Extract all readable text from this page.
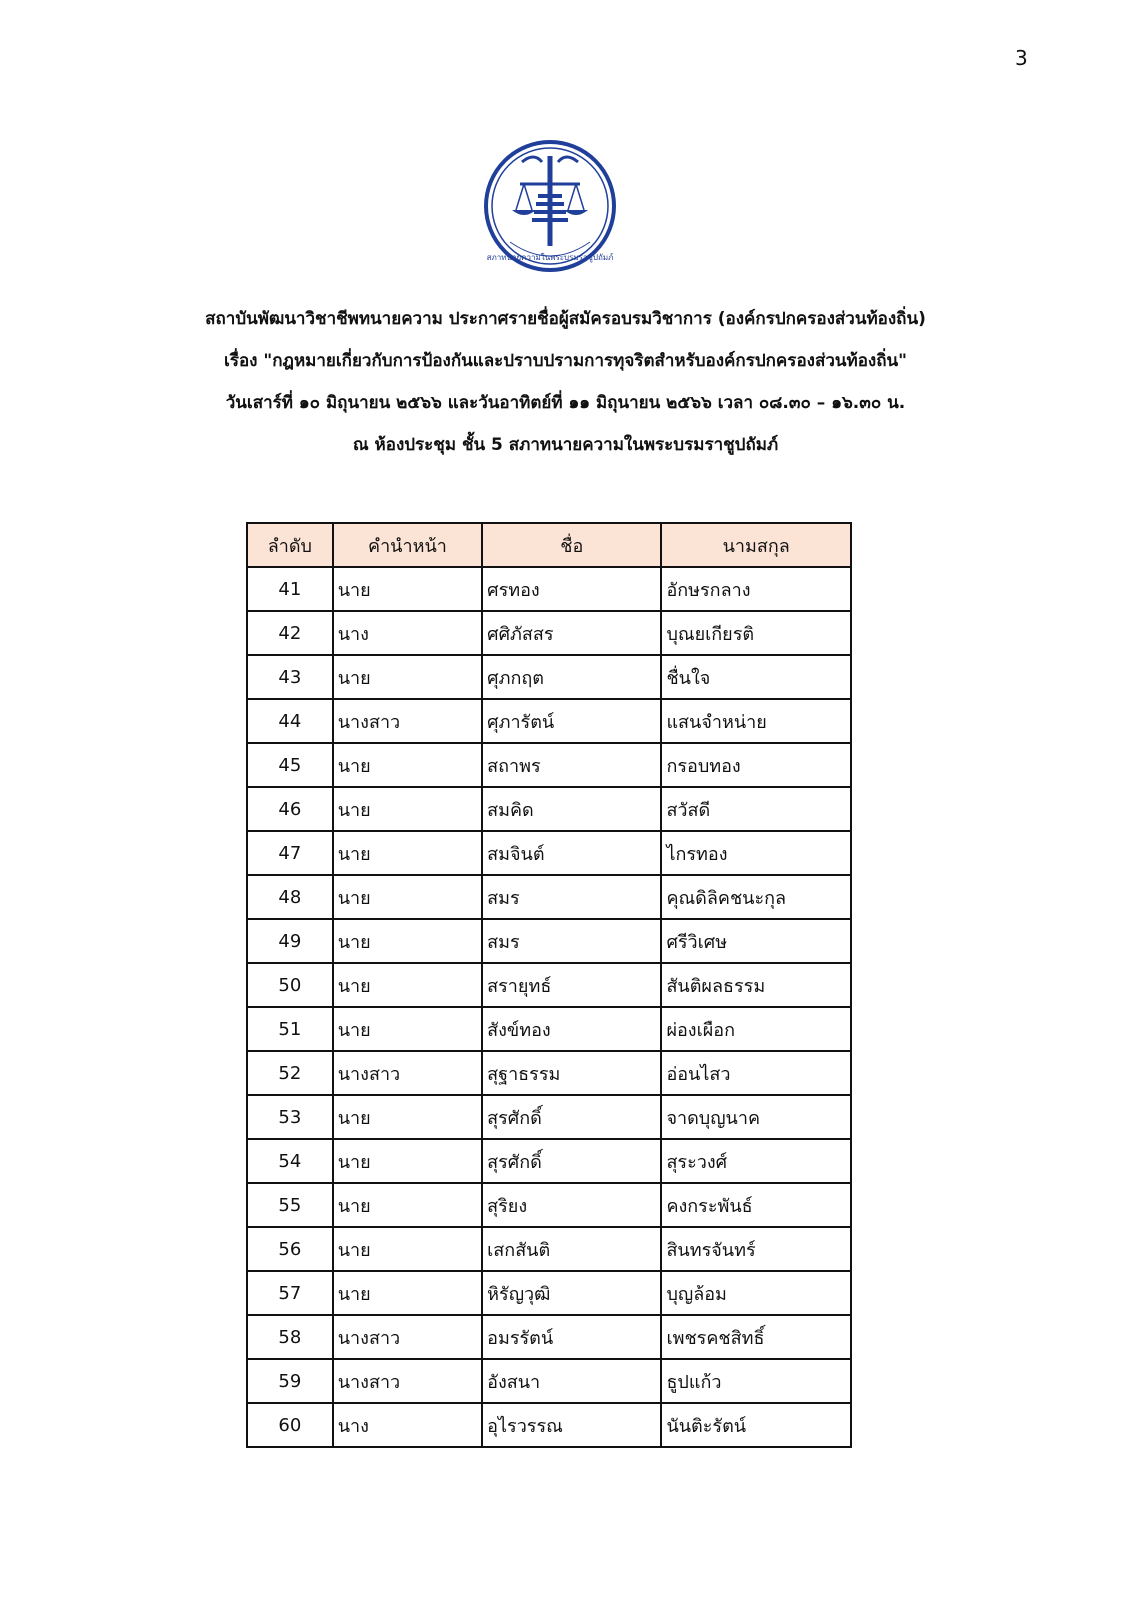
3
สภาทนายความในพระบรมราชูปถัมภ์
สถาบันพัฒนาวิชาชีพทนายความ ประกาศรายชื่อผู้สมัครอบรมวิชาการ (องค์กรปกครองส่วนท้องถิ่น)
เรื่อง "กฎหมายเกี่ยวกับการป้องกันและปราบปรามการทุจริตสำหรับองค์กรปกครองส่วนท้องถิ่น"
วันเสาร์ที่ ๑๐ มิถุนายน ๒๕๖๖ และวันอาทิตย์ที่ ๑๑ มิถุนายน ๒๕๖๖ เวลา ๐๘.๓๐ – ๑๖.๓๐ น.
ณ ห้องประชุม ชั้น 5 สภาทนายความในพระบรมราชูปถัมภ์
ลำดับ	คำนำหน้า	ชื่อ	นามสกุล
41	นาย	ศรทอง	อักษรกลาง
42	นาง	ศศิภัสสร	บุณยเกียรติ
43	นาย	ศุภกฤต	ชื่นใจ
44	นางสาว	ศุภารัตน์	แสนจำหน่าย
45	นาย	สถาพร	กรอบทอง
46	นาย	สมคิด	สวัสดี
47	นาย	สมจินต์	ไกรทอง
48	นาย	สมร	คุณดิลิคชนะกุล
49	นาย	สมร	ศรีวิเศษ
50	นาย	สรายุทธ์	สันติผลธรรม
51	นาย	สังข์ทอง	ผ่องเผือก
52	นางสาว	สุฐาธรรม	อ่อนไสว
53	นาย	สุรศักดิ์	จาดบุญนาค
54	นาย	สุรศักดิ์	สุระวงศ์
55	นาย	สุริยง	คงกระพันธ์
56	นาย	เสกสันติ	สินทรจันทร์
57	นาย	หิรัญวุฒิ	บุญล้อม
58	นางสาว	อมรรัตน์	เพชรคชสิทธิ์
59	นางสาว	อังสนา	ธูปแก้ว
60	นาง	อุไรวรรณ	นันติะรัตน์
